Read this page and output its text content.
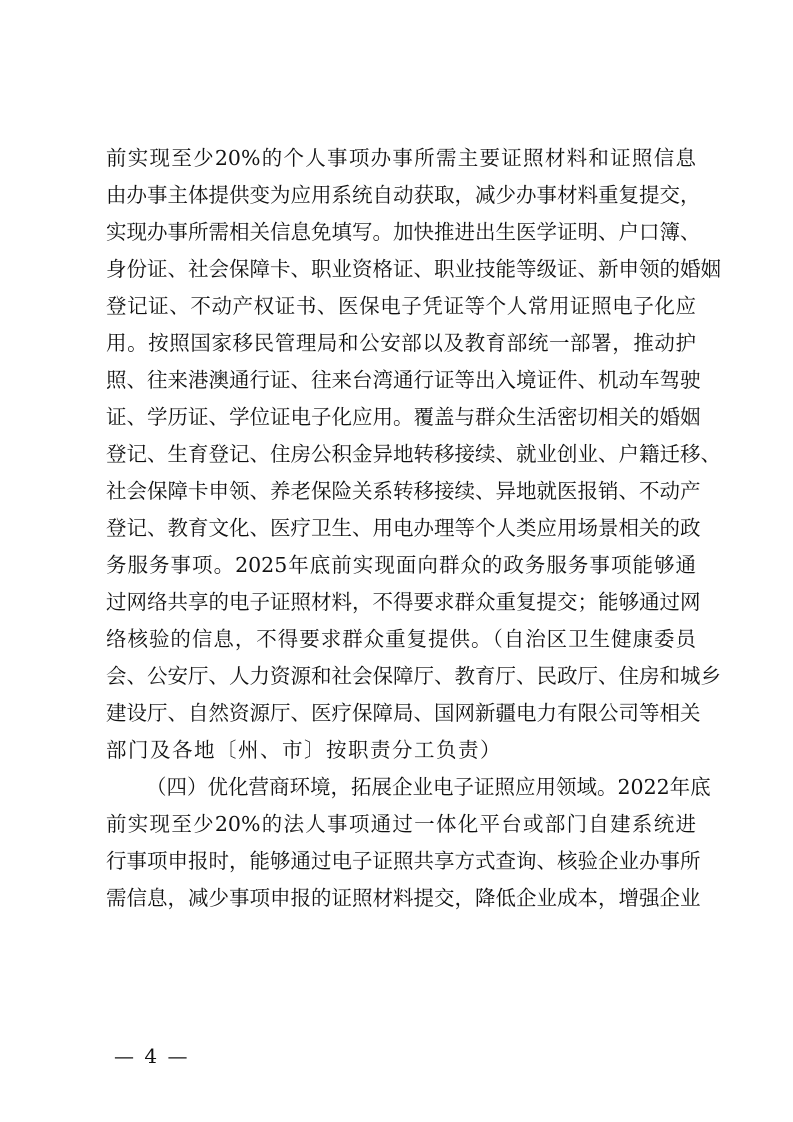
前实现至少20%的个人事项办事所需主要证照材料和证照信息
由办事主体提供变为应用系统自动获取，减少办事材料重复提交，
实现办事所需相关信息免填写。加快推进出生医学证明、户口簿、
身份证、社会保障卡、职业资格证、职业技能等级证、新申领的婚姻
登记证、不动产权证书、医保电子凭证等个人常用证照电子化应
用。按照国家移民管理局和公安部以及教育部统一部署，推动护
照、往来港澳通行证、往来台湾通行证等出入境证件、机动车驾驶
证、学历证、学位证电子化应用。覆盖与群众生活密切相关的婚姻
登记、生育登记、住房公积金异地转移接续、就业创业、户籍迁移、
社会保障卡申领、养老保险关系转移接续、异地就医报销、不动产
登记、教育文化、医疗卫生、用电办理等个人类应用场景相关的政
务服务事项。2025年底前实现面向群众的政务服务事项能够通
过网络共享的电子证照材料，不得要求群众重复提交；能够通过网
络核验的信息，不得要求群众重复提供。（自治区卫生健康委员
会、公安厅、人力资源和社会保障厅、教育厅、民政厅、住房和城乡
建设厅、自然资源厅、医疗保障局、国网新疆电力有限公司等相关
部门及各地〔州、市〕按职责分工负责）
（四）优化营商环境，拓展企业电子证照应用领域。2022年底
前实现至少20%的法人事项通过一体化平台或部门自建系统进
行事项申报时，能够通过电子证照共享方式查询、核验企业办事所
需信息，减少事项申报的证照材料提交，降低企业成本，增强企业
— 4 —
